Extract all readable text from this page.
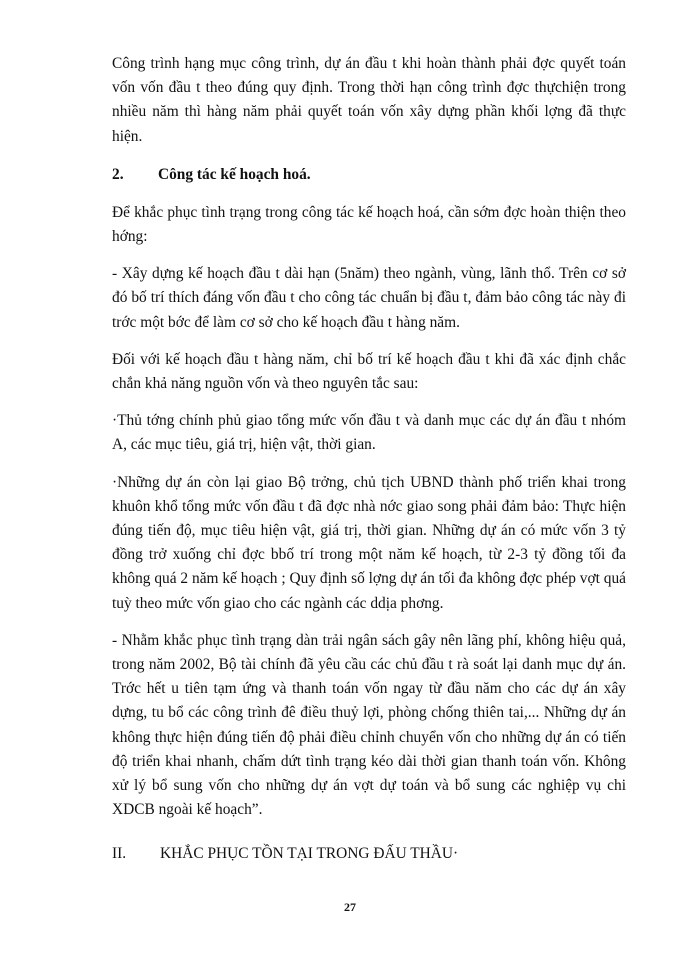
Công trình hạng mục công trình, dự án đầu t khi hoàn thành phải đợc quyết toán vốn vốn đầu t theo đúng quy định. Trong thời hạn công trình đợc thựchiện trong nhiều năm thì hàng năm phải quyết toán vốn xây dựng phần khối lợng đã thực hiện.

2. Công tác kế hoạch hoá.

Để khắc phục tình trạng trong công tác kế hoạch hoá, cần sớm đợc hoàn thiện theo hớng:

- Xây dựng kế hoạch đầu t dài hạn (5năm) theo ngành, vùng, lãnh thổ. Trên cơ sở đó bố trí thích đáng vốn đầu t cho công tác chuẩn bị đầu t, đảm bảo công tác này đi trớc một bớc để làm cơ sở cho kế hoạch đầu t hàng năm.

Đối với kế hoạch đầu t hàng năm, chỉ bố trí kế hoạch đầu t khi đã xác định chắc chắn khả năng nguồn vốn và theo nguyên tắc sau:

·Thủ tớng chính phủ giao tổng mức vốn đầu t và danh mục các dự án đầu t nhóm A, các mục tiêu, giá trị, hiện vật, thời gian.

·Những dự án còn lại giao Bộ trởng, chủ tịch UBND thành phố triển khai trong khuôn khổ tổng mức vốn đầu t đã đợc nhà nớc giao song phải đảm bảo: Thực hiện đúng tiến độ, mục tiêu hiện vật, giá trị, thời gian. Những dự án có mức vốn 3 tỷ đồng trở xuống chỉ đợc bbố trí trong một năm kế hoạch, từ 2-3 tỷ đồng tối đa không quá 2 năm kế hoạch ; Quy định số lợng dự án tối đa không đợc phép vợt quá tuỳ theo mức vốn giao cho các ngành các ddịa phơng.

- Nhằm khắc phục tình trạng dàn trải ngân sách gây nên lãng phí, không hiệu quả, trong năm 2002, Bộ tài chính đã yêu cầu các chủ đầu t rà soát lại danh mục dự án. Trớc hết u tiên tạm ứng và thanh toán vốn ngay từ đầu năm cho các dự án xây dựng, tu bổ các công trình đê điều thuỷ lợi, phòng chống thiên tai,... Những dự án không thực hiện đúng tiến độ phải điều chỉnh chuyển vốn cho những dự án có tiến độ triển khai nhanh, chấm dứt tình trạng kéo dài thời gian thanh toán vốn. Không xử lý bổ sung vốn cho những dự án vợt dự toán và bổ sung các nghiệp vụ chi XDCB ngoài kế hoạch”.

II. KHẮC PHỤC TỒN TẠI TRONG ĐẤU THẦU·
27
